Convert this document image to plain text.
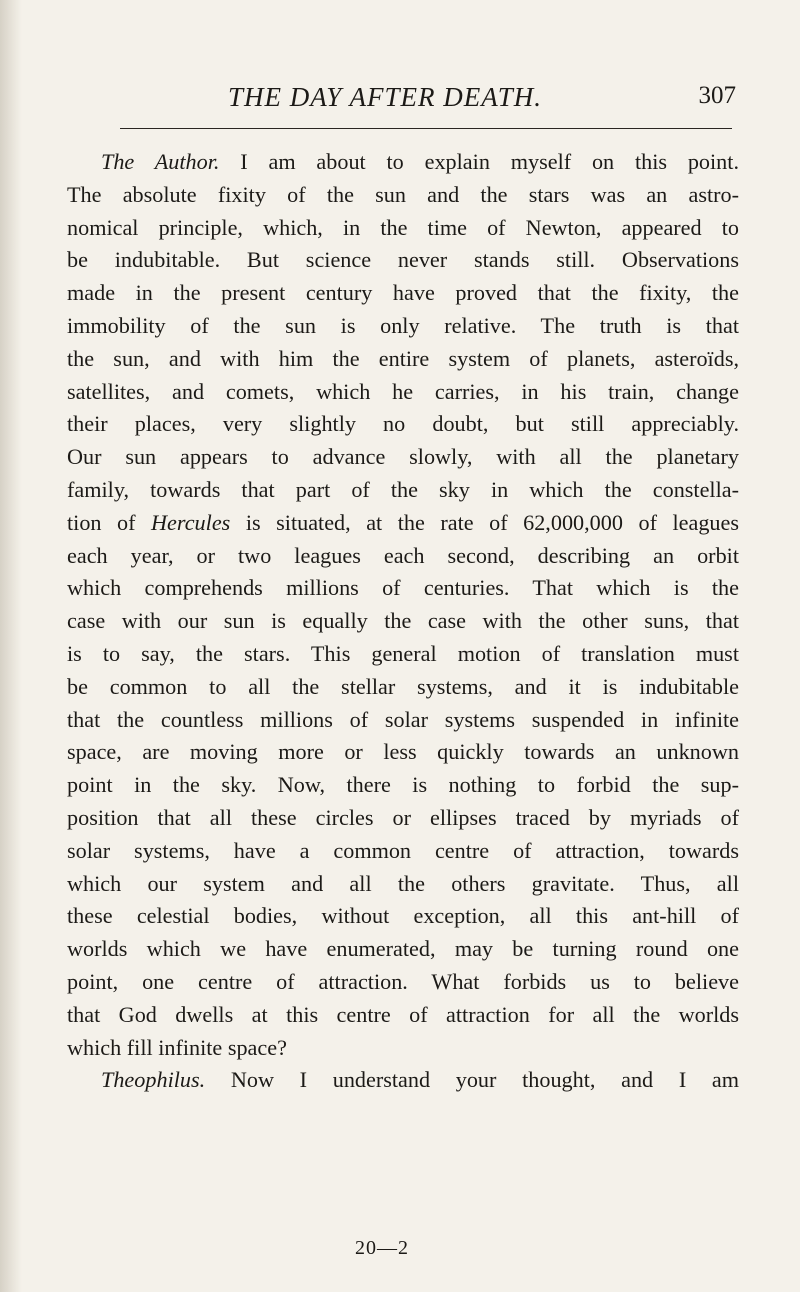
THE DAY AFTER DEATH.	307
The Author. I am about to explain myself on this point.
The absolute fixity of the sun and the stars was an astro-
nomical principle, which, in the time of Newton, appeared to
be indubitable. But science never stands still. Observations
made in the present century have proved that the fixity, the
immobility of the sun is only relative. The truth is that
the sun, and with him the entire system of planets, asteroïds,
satellites, and comets, which he carries, in his train, change
their places, very slightly no doubt, but still appreciably.
Our sun appears to advance slowly, with all the planetary
family, towards that part of the sky in which the constella-
tion of Hercules is situated, at the rate of 62,000,000 of leagues
each year, or two leagues each second, describing an orbit
which comprehends millions of centuries. That which is the
case with our sun is equally the case with the other suns, that
is to say, the stars. This general motion of translation must
be common to all the stellar systems, and it is indubitable
that the countless millions of solar systems suspended in infinite
space, are moving more or less quickly towards an unknown
point in the sky. Now, there is nothing to forbid the sup-
position that all these circles or ellipses traced by myriads of
solar systems, have a common centre of attraction, towards
which our system and all the others gravitate. Thus, all
these celestial bodies, without exception, all this ant-hill of
worlds which we have enumerated, may be turning round one
point, one centre of attraction. What forbids us to believe
that God dwells at this centre of attraction for all the worlds
which fill infinite space?
Theophilus. Now I understand your thought, and I am
20—2
